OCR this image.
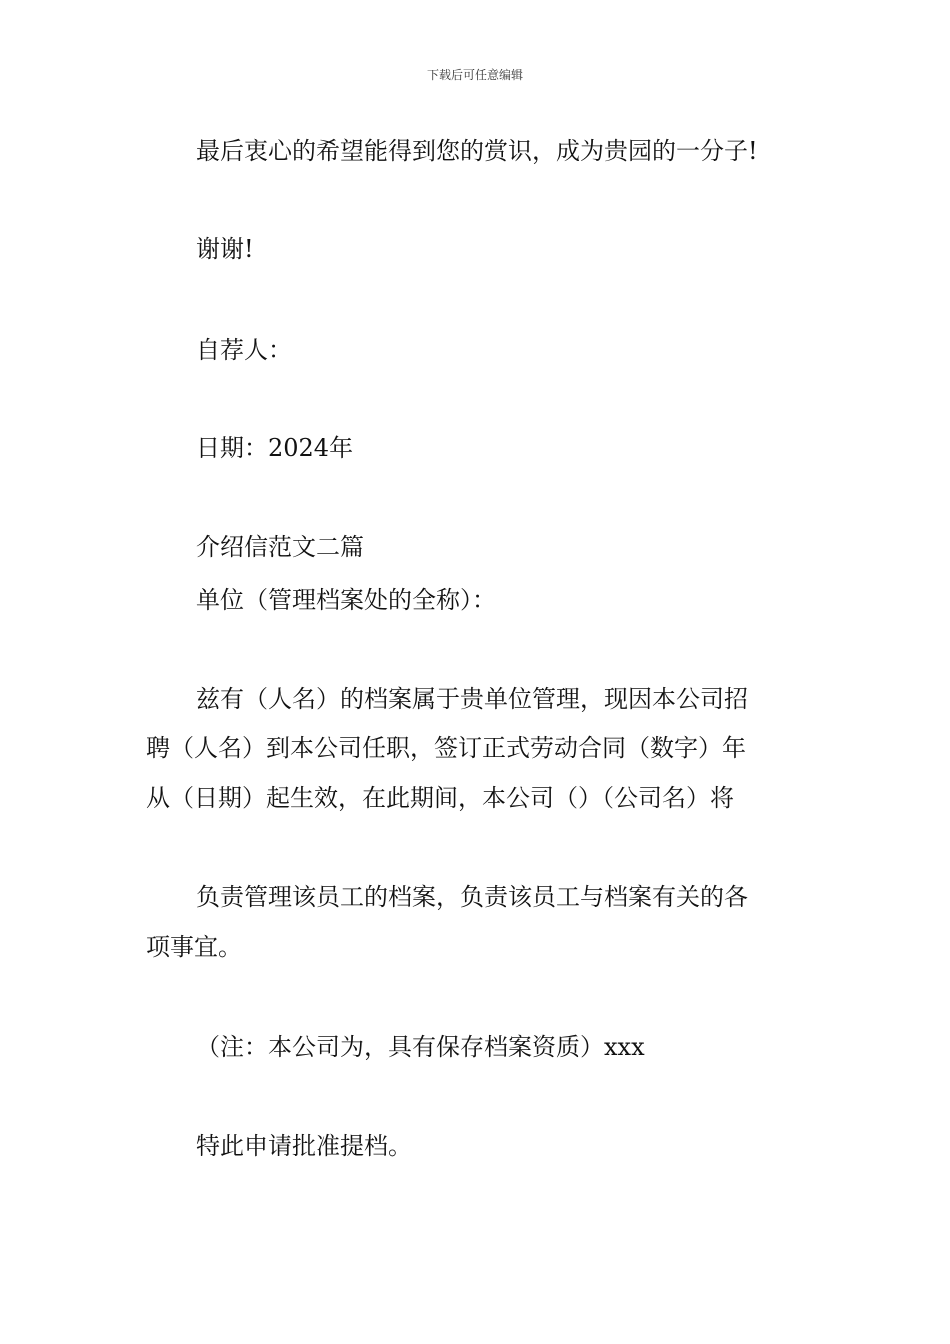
下载后可任意编辑
最后衷心的希望能得到您的赏识，成为贵园的一分子!
谢谢!
自荐人：
日期：2024年
介绍信范文二篇
单位（管理档案处的全称）：
兹有（人名）的档案属于贵单位管理，现因本公司招
聘（人名）到本公司任职，签订正式劳动合同（数字）年
从（日期）起生效，在此期间，本公司（）（公司名）将
负责管理该员工的档案，负责该员工与档案有关的各
项事宜。
（注：本公司为，具有保存档案资质）xxx
特此申请批准提档。
